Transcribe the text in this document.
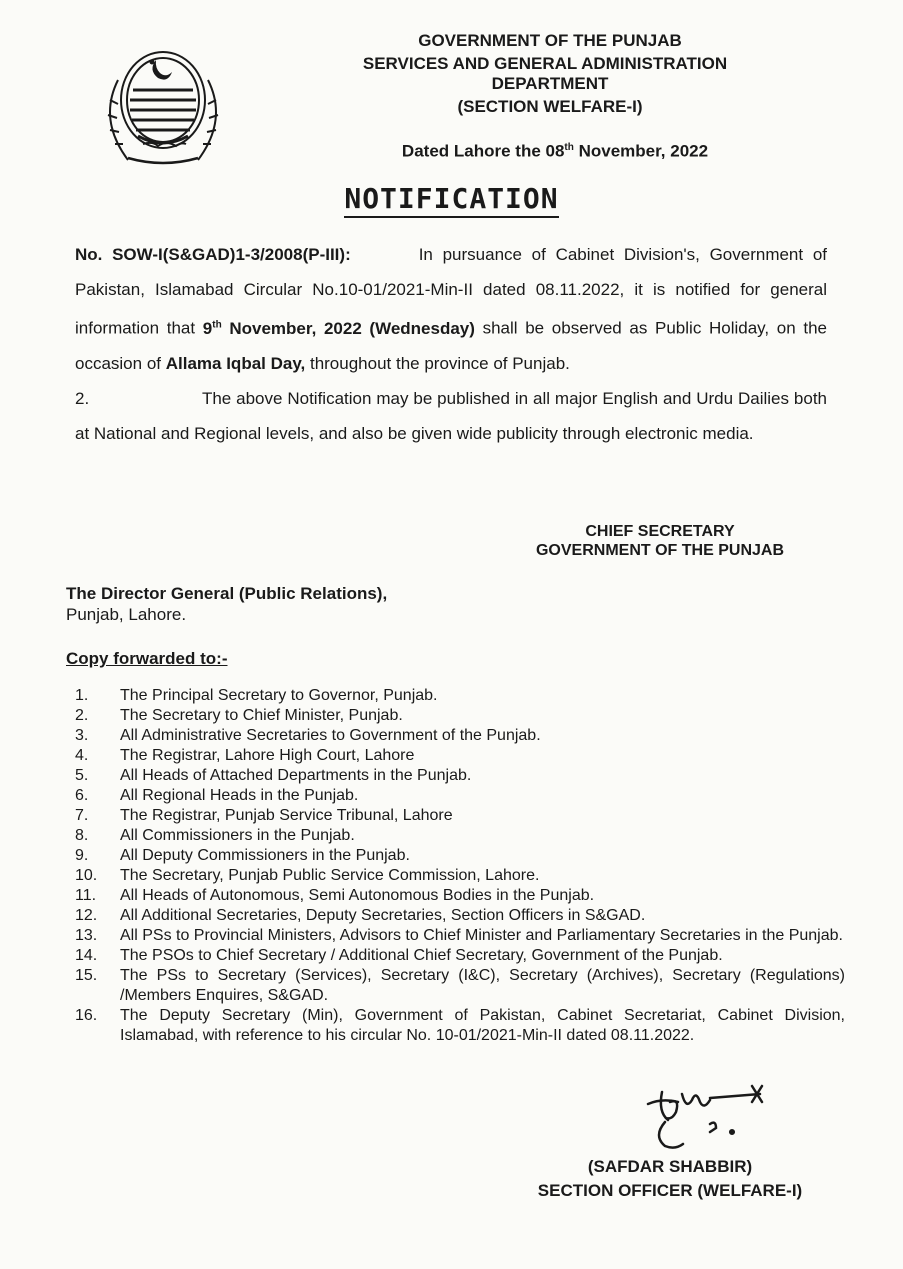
GOVERNMENT OF THE PUNJAB
SERVICES AND GENERAL ADMINISTRATION
DEPARTMENT
(SECTION WELFARE-I)
Dated Lahore the 08th November, 2022
NOTIFICATION

No. SOW-I(S&GAD)1-3/2008(P-III):	In pursuance of Cabinet Division's, Government of Pakistan, Islamabad Circular No.10-01/2021-Min-II dated 08.11.2022, it is notified for general information that 9th November, 2022 (Wednesday) shall be observed as Public Holiday, on the occasion of Allama Iqbal Day, throughout the province of Punjab.

2.	The above Notification may be published in all major English and Urdu Dailies both at National and Regional levels, and also be given wide publicity through electronic media.

CHIEF SECRETARY
GOVERNMENT OF THE PUNJAB
The Director General (Public Relations),
Punjab, Lahore.
Copy forwarded to:-
1.	The Principal Secretary to Governor, Punjab.
2.	The Secretary to Chief Minister, Punjab.
3.	All Administrative Secretaries to Government of the Punjab.
4.	The Registrar, Lahore High Court, Lahore
5.	All Heads of Attached Departments in the Punjab.
6.	All Regional Heads in the Punjab.
7.	The Registrar, Punjab Service Tribunal, Lahore
8.	All Commissioners in the Punjab.
9.	All Deputy Commissioners in the Punjab.
10.	The Secretary, Punjab Public Service Commission, Lahore.
11.	All Heads of Autonomous, Semi Autonomous Bodies in the Punjab.
12.	All Additional Secretaries, Deputy Secretaries, Section Officers in S&GAD.
13.	All PSs to Provincial Ministers, Advisors to Chief Minister and Parliamentary Secretaries in the Punjab.
14.	The PSOs to Chief Secretary / Additional Chief Secretary, Government of the Punjab.
15.	The PSs to Secretary (Services), Secretary (I&C), Secretary (Archives), Secretary (Regulations) /Members Enquires, S&GAD.
16.	The Deputy Secretary (Min), Government of Pakistan, Cabinet Secretariat, Cabinet Division, Islamabad, with reference to his circular No. 10-01/2021-Min-II dated 08.11.2022.
(SAFDAR SHABBIR)
SECTION OFFICER (WELFARE-I)
